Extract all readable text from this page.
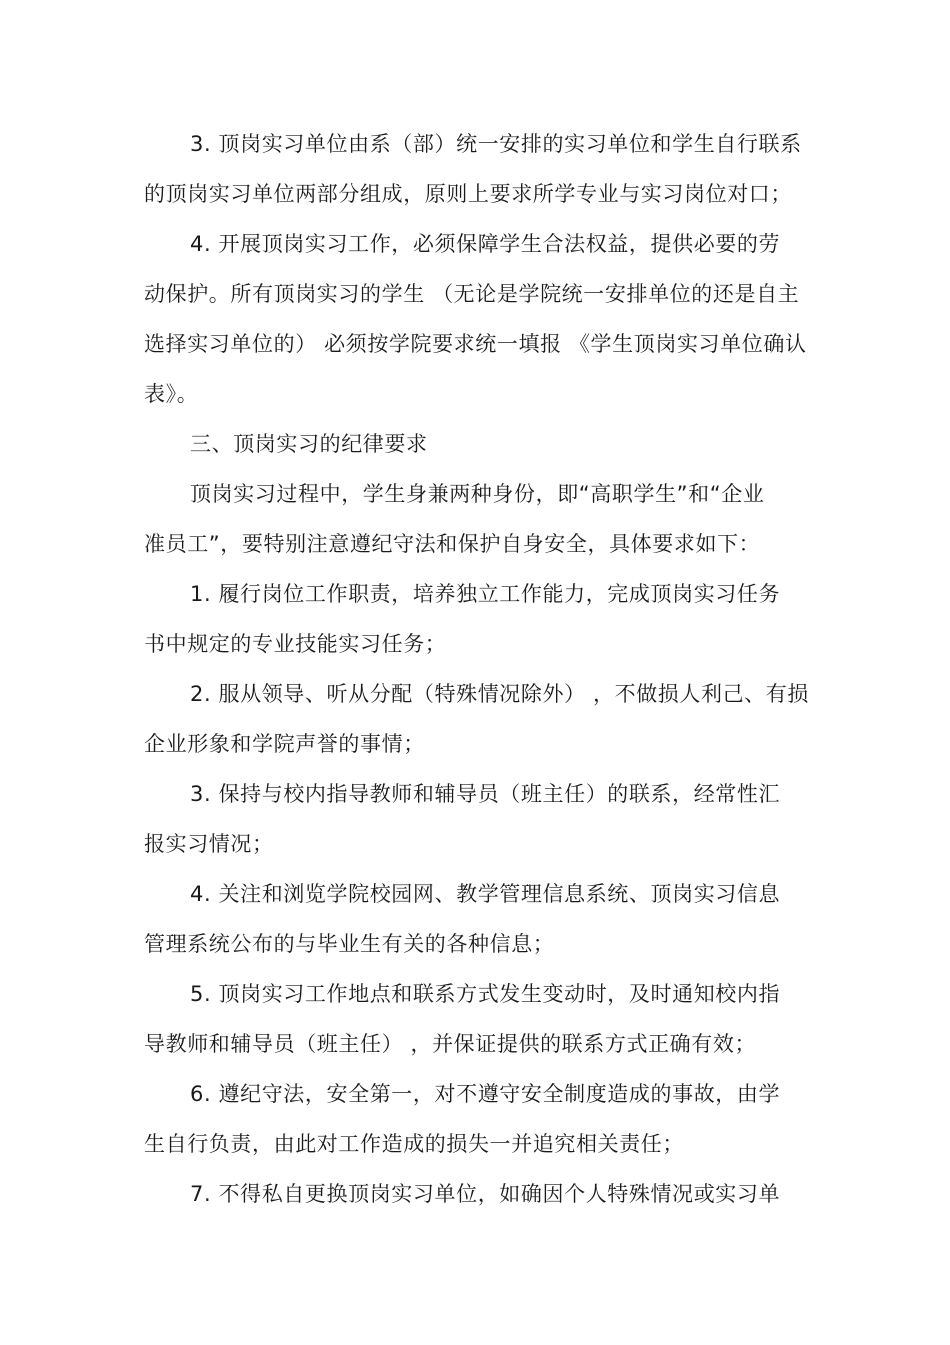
3. 顶岗实习单位由系（部）统一安排的实习单位和学生自行联系
的顶岗实习单位两部分组成，原则上要求所学专业与实习岗位对口；
4. 开展顶岗实习工作，必须保障学生合法权益，提供必要的劳
动保护。所有顶岗实习的学生 （无论是学院统一安排单位的还是自主
选择实习单位的） 必须按学院要求统一填报 《学生顶岗实习单位确认
表》。
三、顶岗实习的纪律要求
顶岗实习过程中，学生身兼两种身份，即“高职学生”和“企业
准员工”，要特别注意遵纪守法和保护自身安全，具体要求如下：
1. 履行岗位工作职责，培养独立工作能力，完成顶岗实习任务
书中规定的专业技能实习任务；
2. 服从领导、听从分配（特殊情况除外） ，不做损人利己、有损
企业形象和学院声誉的事情；
3. 保持与校内指导教师和辅导员（班主任）的联系，经常性汇
报实习情况；
4. 关注和浏览学院校园网、教学管理信息系统、顶岗实习信息
管理系统公布的与毕业生有关的各种信息；
5. 顶岗实习工作地点和联系方式发生变动时，及时通知校内指
导教师和辅导员（班主任） ，并保证提供的联系方式正确有效；
6. 遵纪守法，安全第一，对不遵守安全制度造成的事故，由学
生自行负责，由此对工作造成的损失一并追究相关责任；
7. 不得私自更换顶岗实习单位，如确因个人特殊情况或实习单
